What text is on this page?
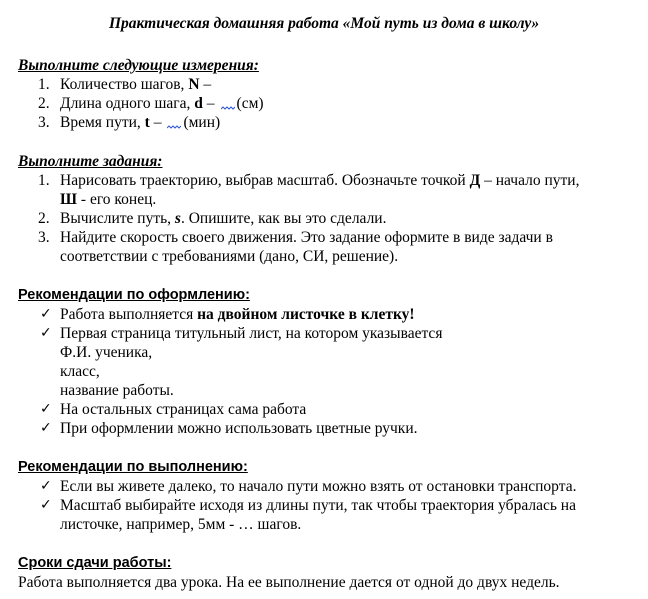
Практическая домашняя работа «Мой путь из дома в школу»
Выполните следующие измерения:
1. Количество шагов, N –
2. Длина одного шага, d – (см)
3. Время пути, t – (мин)
Выполните задания:
1. Нарисовать траекторию, выбрав масштаб. Обозначьте точкой Д – начало пути,
Ш - его конец.
2. Вычислите путь, s. Опишите, как вы это сделали.
3. Найдите скорость своего движения. Это задание оформите в виде задачи в
соответствии с требованиями (дано, СИ, решение).
Рекомендации по оформлению:
✓ Работа выполняется на двойном листочке в клетку!
✓ Первая страница титульный лист, на котором указывается
Ф.И. ученика,
класс,
название работы.
✓ На остальных страницах сама работа
✓ При оформлении можно использовать цветные ручки.
Рекомендации по выполнению:
✓ Если вы живете далеко, то начало пути можно взять от остановки транспорта.
✓ Масштаб выбирайте исходя из длины пути, так чтобы траектория убралась на
листочке, например, 5мм - … шагов.
Сроки сдачи работы:
Работа выполняется два урока. На ее выполнение дается от одной до двух недель.
